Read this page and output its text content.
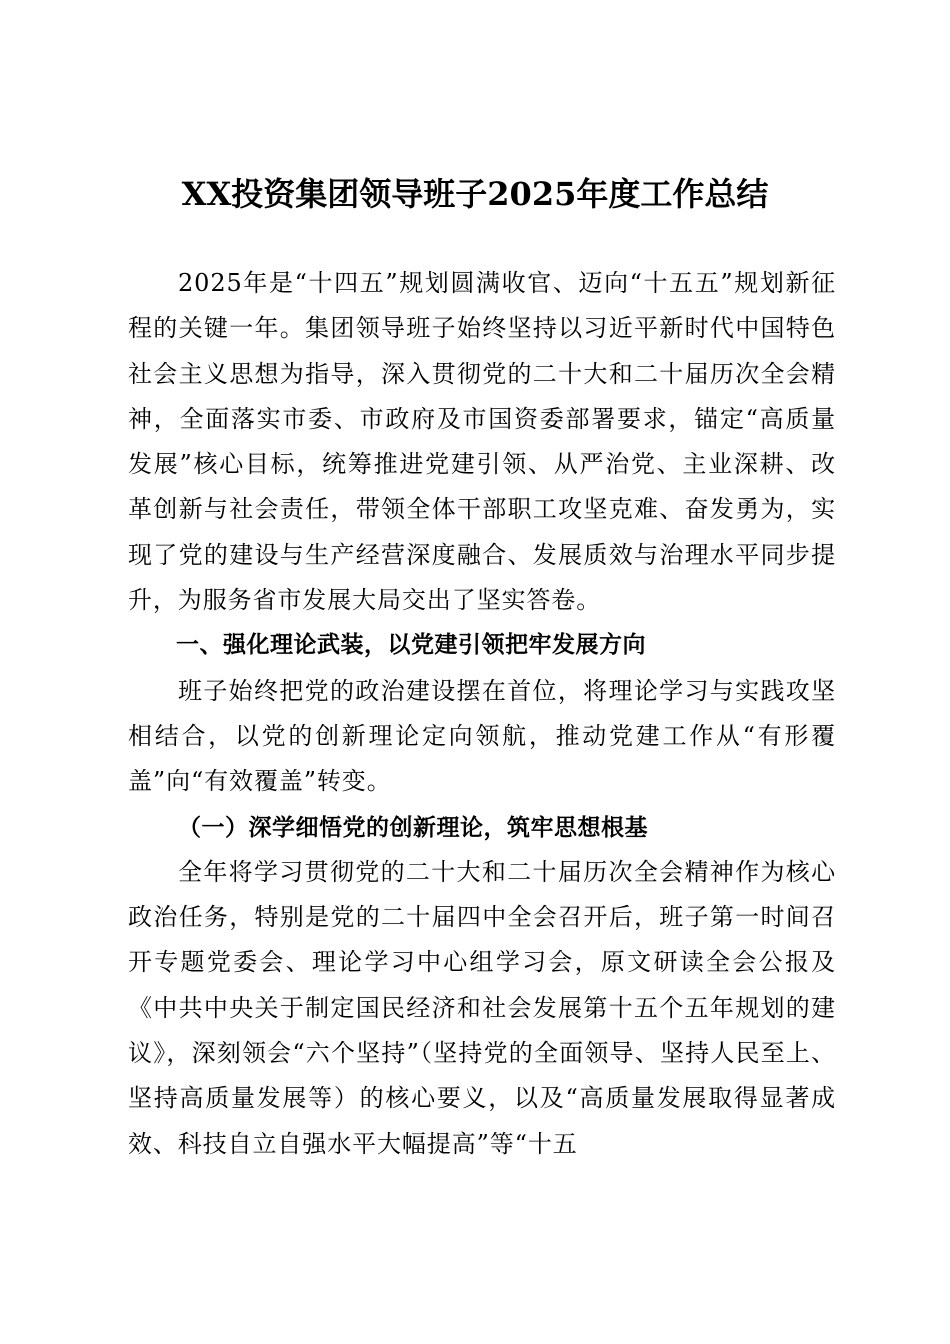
XX投资集团领导班子2025年度工作总结

2025年是“十四五”规划圆满收官、迈向“十五五”规划新征程的关键一年。集团领导班子始终坚持以习近平新时代中国特色社会主义思想为指导，深入贯彻党的二十大和二十届历次全会精神，全面落实市委、市政府及市国资委部署要求，锚定“高质量发展”核心目标，统筹推进党建引领、从严治党、主业深耕、改革创新与社会责任，带领全体干部职工攻坚克难、奋发勇为，实现了党的建设与生产经营深度融合、发展质效与治理水平同步提升，为服务省市发展大局交出了坚实答卷。

一、强化理论武装，以党建引领把牢发展方向

班子始终把党的政治建设摆在首位，将理论学习与实践攻坚相结合，以党的创新理论定向领航，推动党建工作从“有形覆盖”向“有效覆盖”转变。

（一）深学细悟党的创新理论，筑牢思想根基

全年将学习贯彻党的二十大和二十届历次全会精神作为核心政治任务，特别是党的二十届四中全会召开后，班子第一时间召开专题党委会、理论学习中心组学习会，原文研读全会公报及《中共中央关于制定国民经济和社会发展第十五个五年规划的建议》，深刻领会“六个坚持”（坚持党的全面领导、坚持人民至上、坚持高质量发展等）的核心要义，以及“高质量发展取得显著成效、科技自立自强水平大幅提高”等“十五
